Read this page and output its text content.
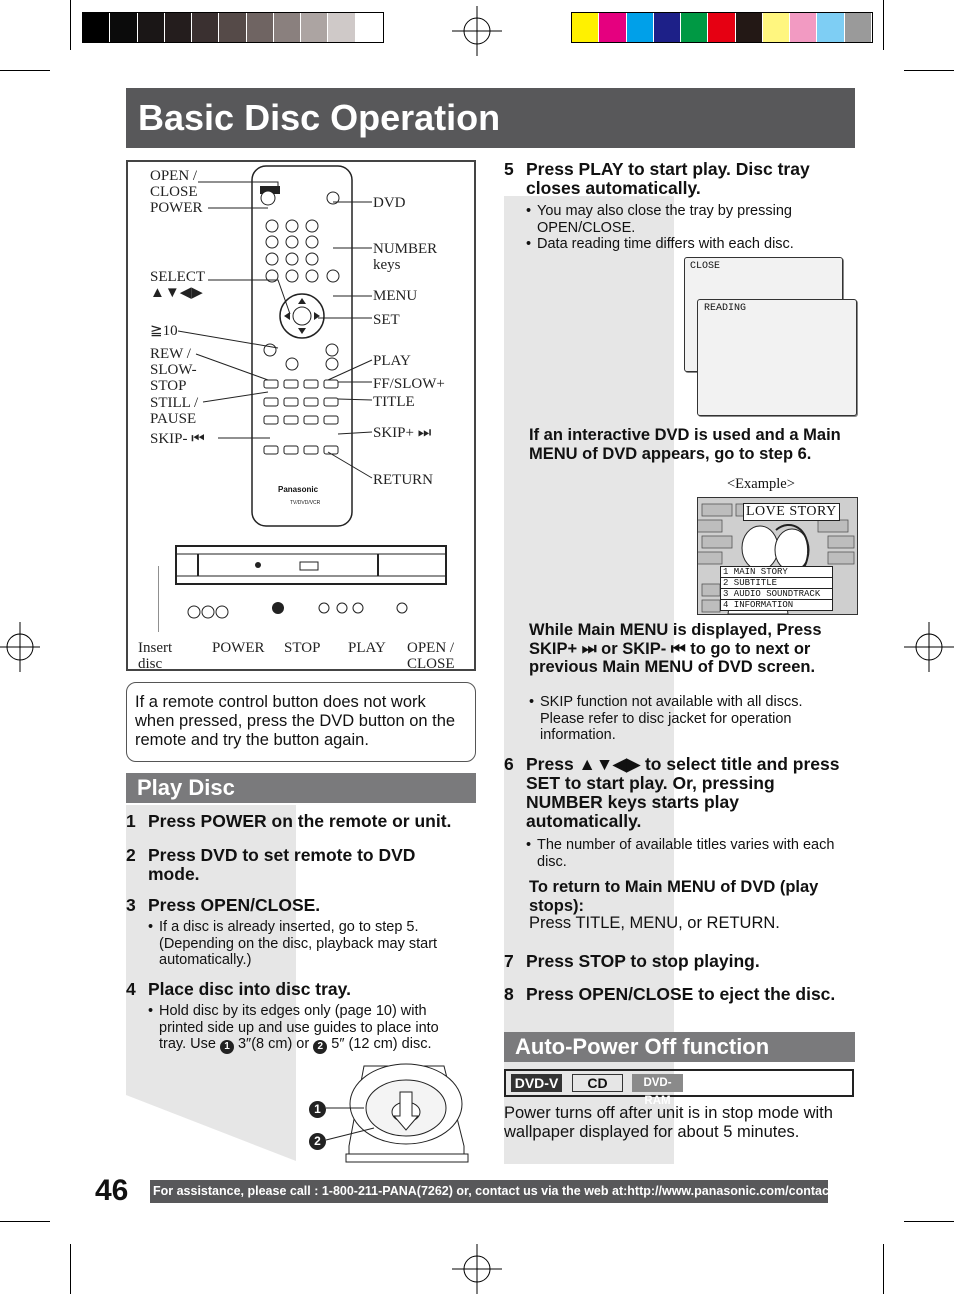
Basic Disc Operation
Panasonic
TV/DVD/VCR
OPEN /
CLOSE
POWER
SELECT
▲▼◀▶
≧10
REW /
SLOW-
STOP
STILL /
PAUSE
SKIP- ⏮
DVD
NUMBER
keys
MENU
SET
PLAY
FF/SLOW+
TITLE
SKIP+ ⏭
RETURN
Insert
disc
POWER STOP PLAY OPEN /
CLOSE
If a remote control button does not work when pressed, press the DVD button on the remote and try the button again.
Play Disc
1 Press POWER on the remote or unit.
2 Press DVD to set remote to DVD mode.
3 Press OPEN/CLOSE.
• If a disc is already inserted, go to step 5. (Depending on the disc, playback may start automatically.)
4 Place disc into disc tray.
• Hold disc by its edges only (page 10) with printed side up and use guides to place into tray. Use 1 3″(8 cm) or 2 5″ (12 cm) disc.
1
2
5 Press PLAY to start play. Disc tray closes automatically.
• You may also close the tray by pressing OPEN/CLOSE.
• Data reading time differs with each disc.
CLOSE
READING
If an interactive DVD is used and a Main MENU of DVD appears, go to step 6.
<Example>
LOVE STORY
1 MAIN STORY
2 SUBTITLE
3 AUDIO SOUNDTRACK
4 INFORMATION
While Main MENU is displayed, Press SKIP+ ⏭ or SKIP- ⏮ to go to next or previous Main MENU of DVD screen.
• SKIP function not available with all discs. Please refer to disc jacket for operation information.
6 Press ▲▼◀▶ to select title and press SET to start play. Or, pressing NUMBER keys starts play automatically.
• The number of available titles varies with each disc.
To return to Main MENU of DVD (play stops):
Press TITLE, MENU, or RETURN.
7 Press STOP to stop playing.
8 Press OPEN/CLOSE to eject the disc.
Auto-Power Off function
DVD-V	CD	DVD-RAM
Power turns off after unit is in stop mode with wallpaper displayed for about 5 minutes.
46 For assistance, please call : 1-800-211-PANA(7262) or, contact us via the web at:http://www.panasonic.com/contactinfo
